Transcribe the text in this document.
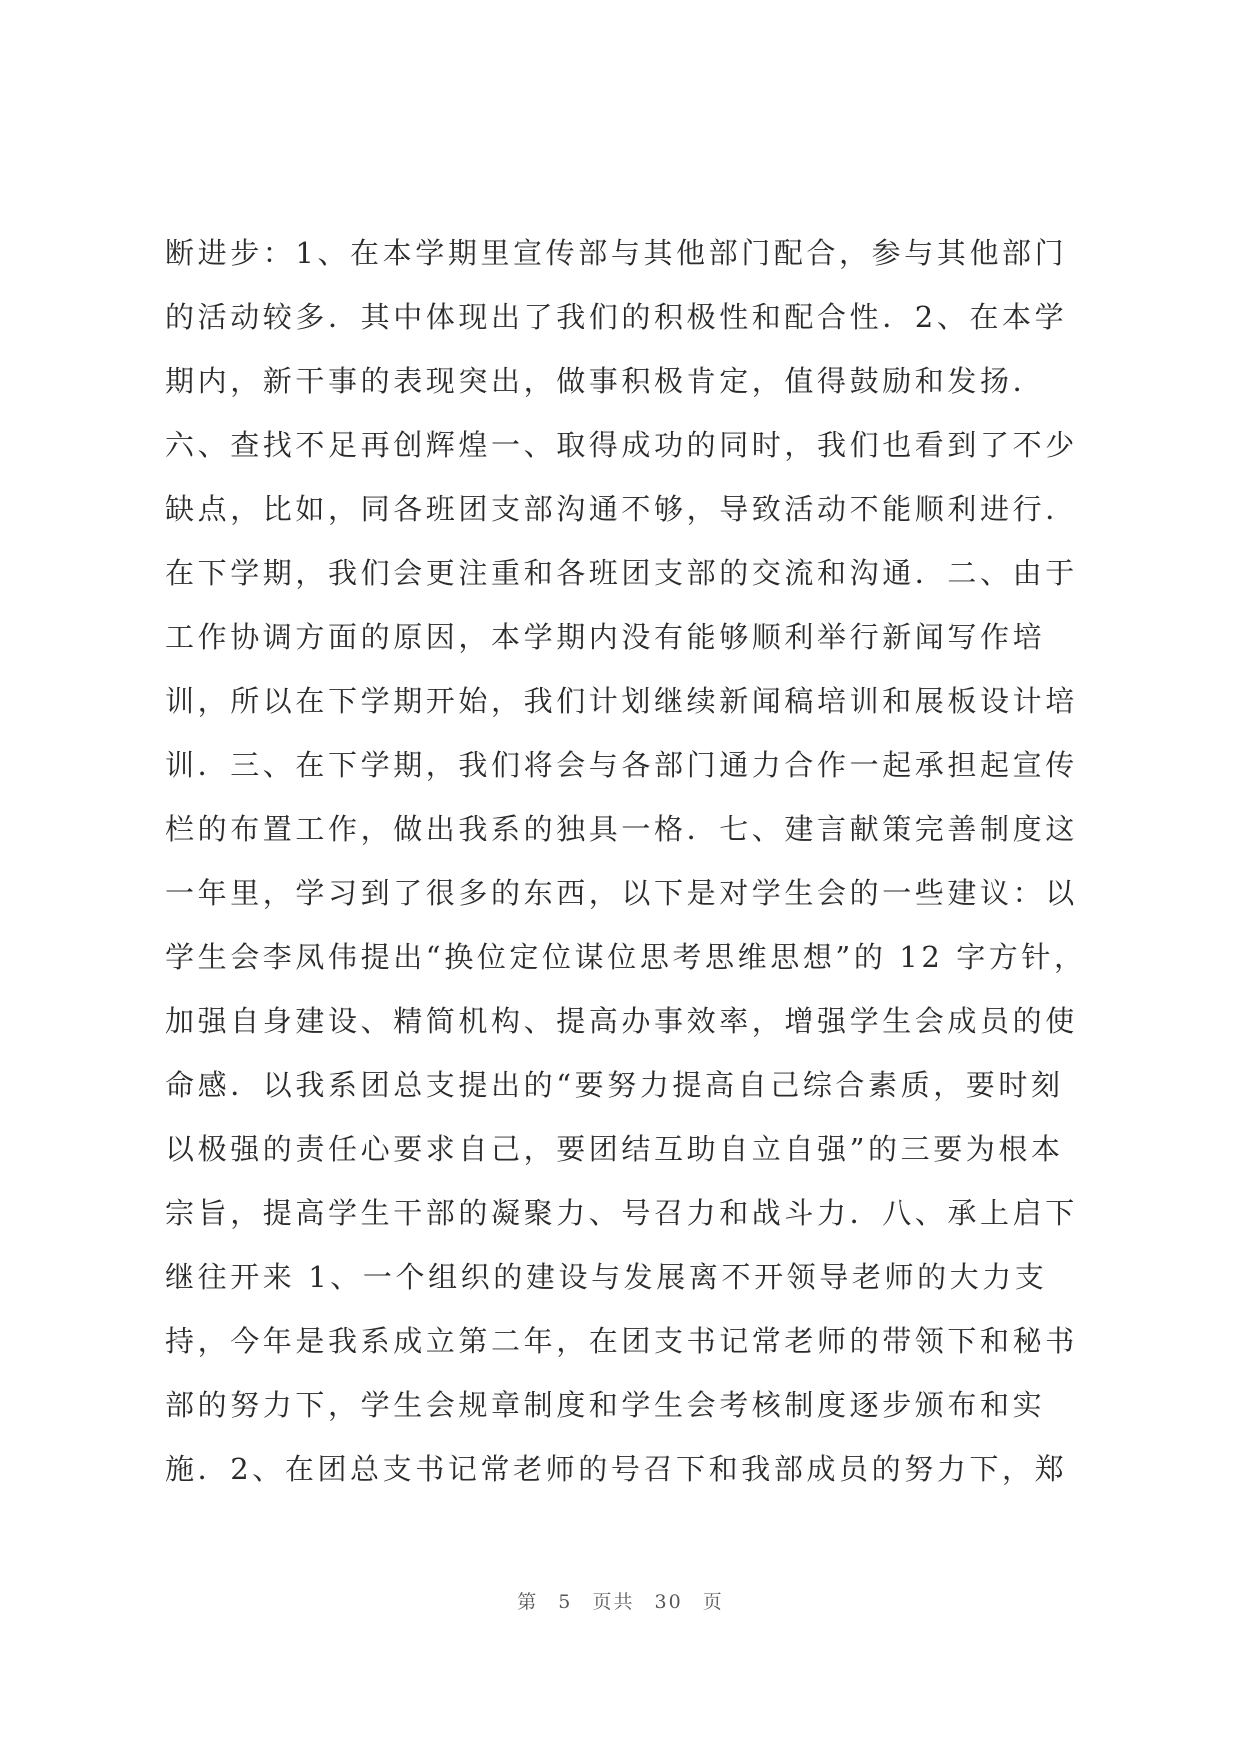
断进步：1、在本学期里宣传部与其他部门配合，参与其他部门
的活动较多．其中体现出了我们的积极性和配合性．2、在本学
期内，新干事的表现突出，做事积极肯定，值得鼓励和发扬．
六、查找不足再创辉煌一、取得成功的同时，我们也看到了不少
缺点，比如，同各班团支部沟通不够，导致活动不能顺利进行．
在下学期，我们会更注重和各班团支部的交流和沟通．二、由于
工作协调方面的原因，本学期内没有能够顺利举行新闻写作培
训，所以在下学期开始，我们计划继续新闻稿培训和展板设计培
训．三、在下学期，我们将会与各部门通力合作一起承担起宣传
栏的布置工作，做出我系的独具一格．七、建言献策完善制度这
一年里，学习到了很多的东西，以下是对学生会的一些建议：以
学生会李凤伟提出“换位定位谋位思考思维思想”的 12 字方针，
加强自身建设、精简机构、提高办事效率，增强学生会成员的使
命感．以我系团总支提出的“要努力提高自己综合素质，要时刻
以极强的责任心要求自己，要团结互助自立自强”的三要为根本
宗旨，提高学生干部的凝聚力、号召力和战斗力．八、承上启下
继往开来 1、一个组织的建设与发展离不开领导老师的大力支
持，今年是我系成立第二年，在团支书记常老师的带领下和秘书
部的努力下，学生会规章制度和学生会考核制度逐步颁布和实
施．2、在团总支书记常老师的号召下和我部成员的努力下，郑
第 5 页共 30 页
